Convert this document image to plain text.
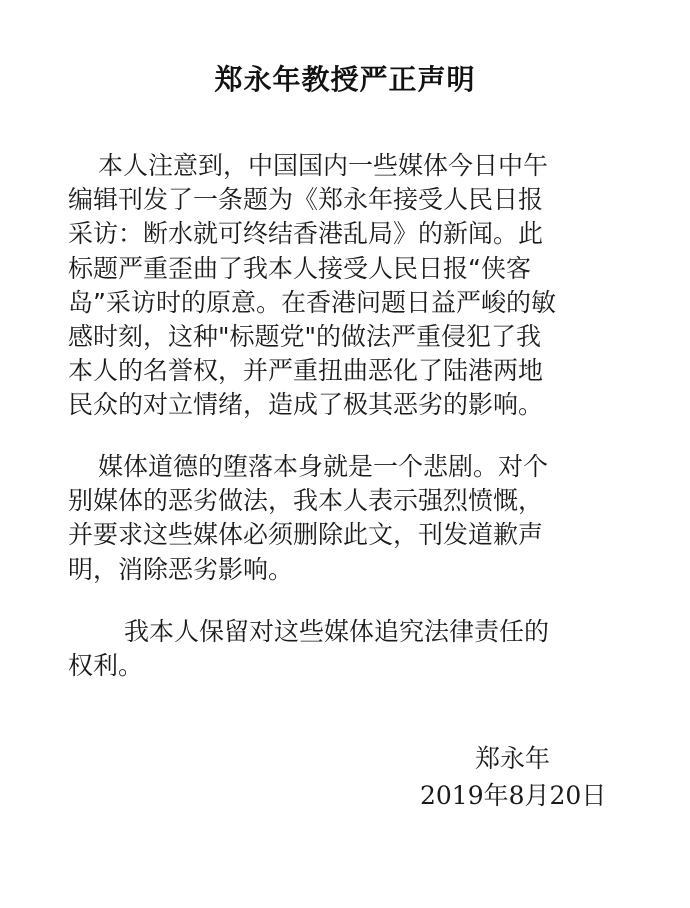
郑永年教授严正声明
本人注意到，中国国内一些媒体今日中午
编辑刊发了一条题为《郑永年接受人民日报
采访：断水就可终结香港乱局》的新闻。此
标题严重歪曲了我本人接受人民日报“侠客
岛”采访时的原意。在香港问题日益严峻的敏
感时刻，这种"标题党"的做法严重侵犯了我
本人的名誉权，并严重扭曲恶化了陆港两地
民众的对立情绪，造成了极其恶劣的影响。
媒体道德的堕落本身就是一个悲剧。对个
别媒体的恶劣做法，我本人表示强烈愤慨，
并要求这些媒体必须删除此文，刊发道歉声
明，消除恶劣影响。
我本人保留对这些媒体追究法律责任的
权利。
郑永年
2019年8月20日
